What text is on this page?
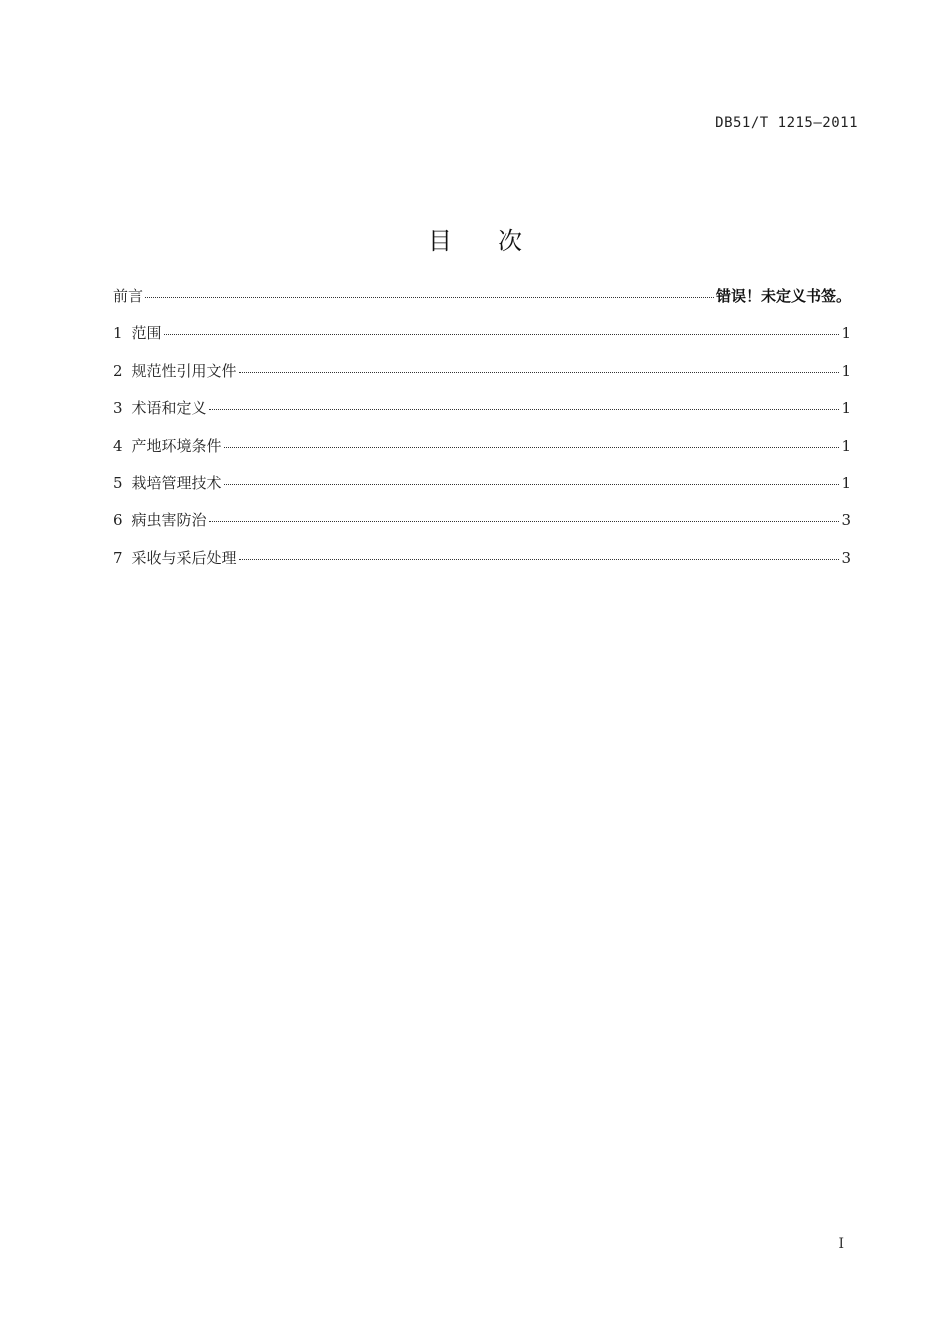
DB51/T 1215—2011
目 次
前言	错误！未定义书签。
1 范围	1
2 规范性引用文件	1
3 术语和定义	1
4 产地环境条件	1
5 栽培管理技术	1
6 病虫害防治	3
7 采收与采后处理	3
I
